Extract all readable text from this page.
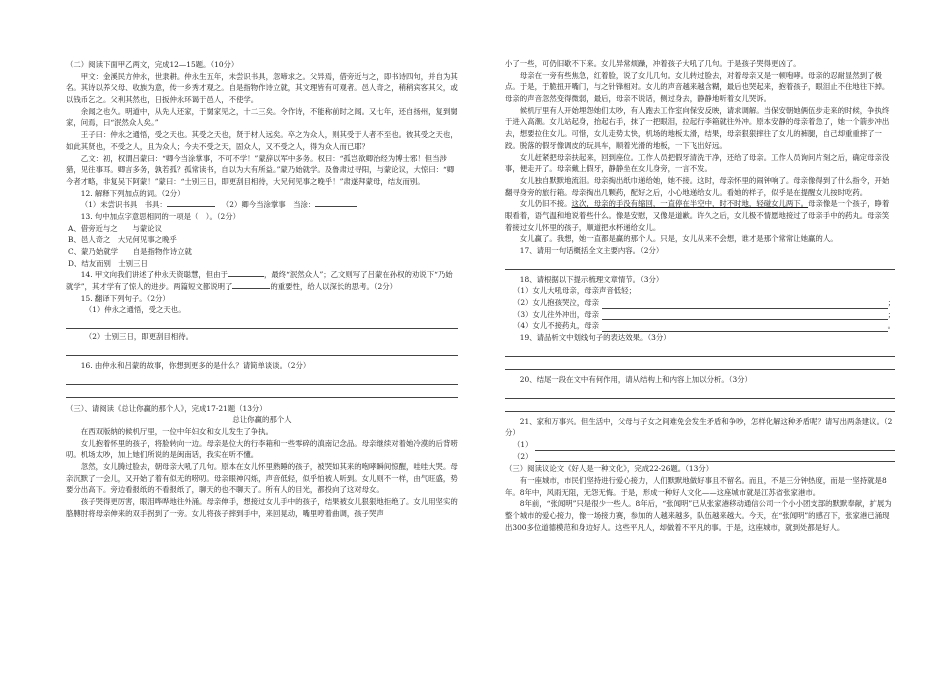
（二）阅读下面甲乙两文，完成12—15题。（10分）

甲文：金溪民方仲永，世隶耕。仲永生五年，未尝识书具，忽啼求之。父异焉，借旁近与之，即书诗四句，并自为其名。其诗以养父母、收族为意，传一乡秀才观之。自是指物作诗立就，其文理皆有可观者。邑人奇之，稍稍宾客其父，或以钱币乞之。父利其然也，日扳仲永环谒于邑人，不使学。

余闻之也久。明道中，从先人还家，于舅家见之，十二三矣。令作诗，不能称前时之闻。又七年，还自扬州，复到舅家，问焉，曰“泯然众人矣。”

王子曰：仲永之通悟，受之天也。其受之天也，贤于材人远矣。卒之为众人，则其受于人者不至也。彼其受之天也，如此其贤也，不受之人，且为众人；今夫不受之天，固众人，又不受之人，得为众人而已耶？

乙文：初，权谓吕蒙曰：“卿今当涂掌事，不可不学！”蒙辞以军中多务。权曰：“孤岂欲卿治经为博士邪！但当涉猎，见往事耳。卿言多务，孰若孤？孤常读书，自以为大有所益。”蒙乃始就学。及鲁肃过寻阳，与蒙论议，大惊曰：“卿今者才略，非复吴下阿蒙！”蒙曰：“士别三日，即更刮目相待，大兄何见事之晚乎！”肃遂拜蒙母，结友而别。

12. 解释下列加点的词。（2分）

（1）未尝识书具　书具：	（2）卿今当涂掌事　当涂：

13. 句中加点字意思相同的一项是（　）。（2分）

A、借旁近与之　　与蒙论议

B、邑人奇之　大兄何见事之晚乎

C、蒙乃始就学　　自是指物作诗立就

D、结友而别　士别三日

14. 甲文向我们讲述了仲永天资聪慧，但由于	，最终“泯然众人”；乙文则写了吕蒙在孙权的劝说下“乃始就学”，其才学有了惊人的进步。两篇短文都说明了	的重要性，给人以深长的思考。（2分）

15. 翻译下列句子。（2分）

（1）仲永之通悟，受之天也。

（2）士别三日，即更刮目相待。

16. 由仲永和吕蒙的故事，你想到更多的是什么？请简单谈谈。（2分）

（三）、请阅读《总让你赢的那个人》，完成17-21题（13分）

总让你赢的那个人

在西双版纳的候机厅里，一位中年妇女和女儿发生了争执。

女儿抱着怀里的孩子，将脸转向一边。母亲是位大的行李箱和一些零碎的滇南记念品。母亲继续对着她冷漠的后背唠叨。机场太吵，加上她们所说的是闽南话，我实在听不懂。

忽然，女儿腾过脸去，朝母亲大吼了几句。原本在女儿怀里熟睡的孩子，被哭如其来的咆哮瞬间惊醒，哇哇大哭。母亲沉默了一会儿，又开始了着有似无的唠叨。母亲眼神闪烁，声音低轻，似乎怕被人听到。女儿则不一样，由气旺盛，势要分出高下。旁边看报纸的不看报纸了，聊天的也不聊天了。所有人的目光，都投向了这对母女。

孩子哭得更厉害，眼泪哗哗地往外涌。母亲伸手，想接过女儿手中的孩子，结果被女儿狠狠地拒绝了。女儿用坚实的胳膊肘将母亲伸来的双手拐到了一旁。女儿将孩子摔到手中，来回晃动，嘴里哼着曲调，孩子哭声

小了一些，可仍旧歇不下来。女儿异常烦躁，冲着孩子大吼了几句。于是孩子哭得更凶了。

母亲在一旁有些焦急，红着脸，说了女儿几句。女儿转过脸去，对着母亲又是一顿咆哮。母亲的忍耐显然到了极点。于是，于脆扭开嘴门，与之针锋相对。女儿的声音越来越含糊，最后也哭起来，抱着孩子，眼泪止不住地往下掉。母亲的声音忽然变得微弱，最后，母亲不说话，侧过身去，静静地听着女儿哭诉。

候机厅里有人开始埋怨她们太吵，有人跑去工作室向保安反映，请求调解。当保安朝她俩伍步走来的时候，争执终于进入高潮。女儿站起身，抬起右手，抹了一把眼泪，拉起行李箱就往外冲。原本安静的母亲着急了，她一个箭步冲出去，想要拉住女儿。可惜，女儿走势太快，机场的地板太滑，结果，母亲狠狠摔往了女儿的裤腿，自己却重重摔了一跤。脱落的假牙像调皮的玩具车，顺着光滑的地板，一下飞出好远。

女儿赶紧把母亲扶起来，回到座位。工作人员把假牙清洗干净，还给了母亲。工作人员询问片刻之后，确定母亲没事，便走开了。母亲戴上假牙，静静坐在女儿身旁，一言不发。

女儿独自默默地流泪。母亲掏出纸巾递给她，她不接。这时，母亲怀里的闹钟响了。母亲像得到了什么指令，开始翻寻身旁的旅行箱。母亲掏出几颗药，配好之后，小心地递给女儿。看她的样子，似乎是在提醒女儿按时吃药。

女儿仍旧不接。这次，母亲的手没有缩回，一直停在半空中，时不时地，轻碰女儿两下。母亲像是一个孩子，睁着眼看着，语气温和地说着些什么。像是安慰，又像是道歉。许久之后，女儿极不情愿地接过了母亲手中的药丸。母亲笑着接过女儿怀里的孩子，顺道把水杯递给女儿。

女儿赢了。我想，她一直都是赢的那个人。只是，女儿从来不会想，谁才是那个常常让她赢的人。

17、请用一句话概括全文主要内容。（2分）

18、请根据以下提示梳理文章情节。（3分）

（1）女儿大吼母亲，母亲声音低轻；

（2）女儿抱孩哭泣，母亲	；

（3）女儿往外冲出，母亲	；

（4）女儿不接药丸，母亲	。

19、请品析文中划线句子的表达效果。（3分）

20、结尾一段在文中有何作用，请从结构上和内容上加以分析。（3分）

21、家和万事兴。但生活中，父母与子女之间难免会发生矛盾和争吵，怎样化解这种矛盾呢？请写出两条建议。（2分）

（1）

（2）

（三）阅读议论文《好人是一种文化》，完成22-26题。（13分）

有一座城市，市民们坚持进行爱心接力，人们默默地做好事且不留名。而且，不是三分钟热度，而是一坚持就是8年。8年中，风雨无阻，无怨无悔。于是，形成一种好人文化——这座城市就是江苏省张家港市。

8年前，“张闻明”只是很少一些人。8年后，“张闻明”已从张家港移动通信公司一个小小团支部的默默奉献，扩展为整个城市的爱心接力，像一场接力赛，参加的人越来越多，队伍越来越大。今天，在“张闻明”的感召下，张家港已涌现出300多位道德模范和身边好人。这些平凡人，却做着不平凡的事。于是，这座城市，就到处都是好人。
